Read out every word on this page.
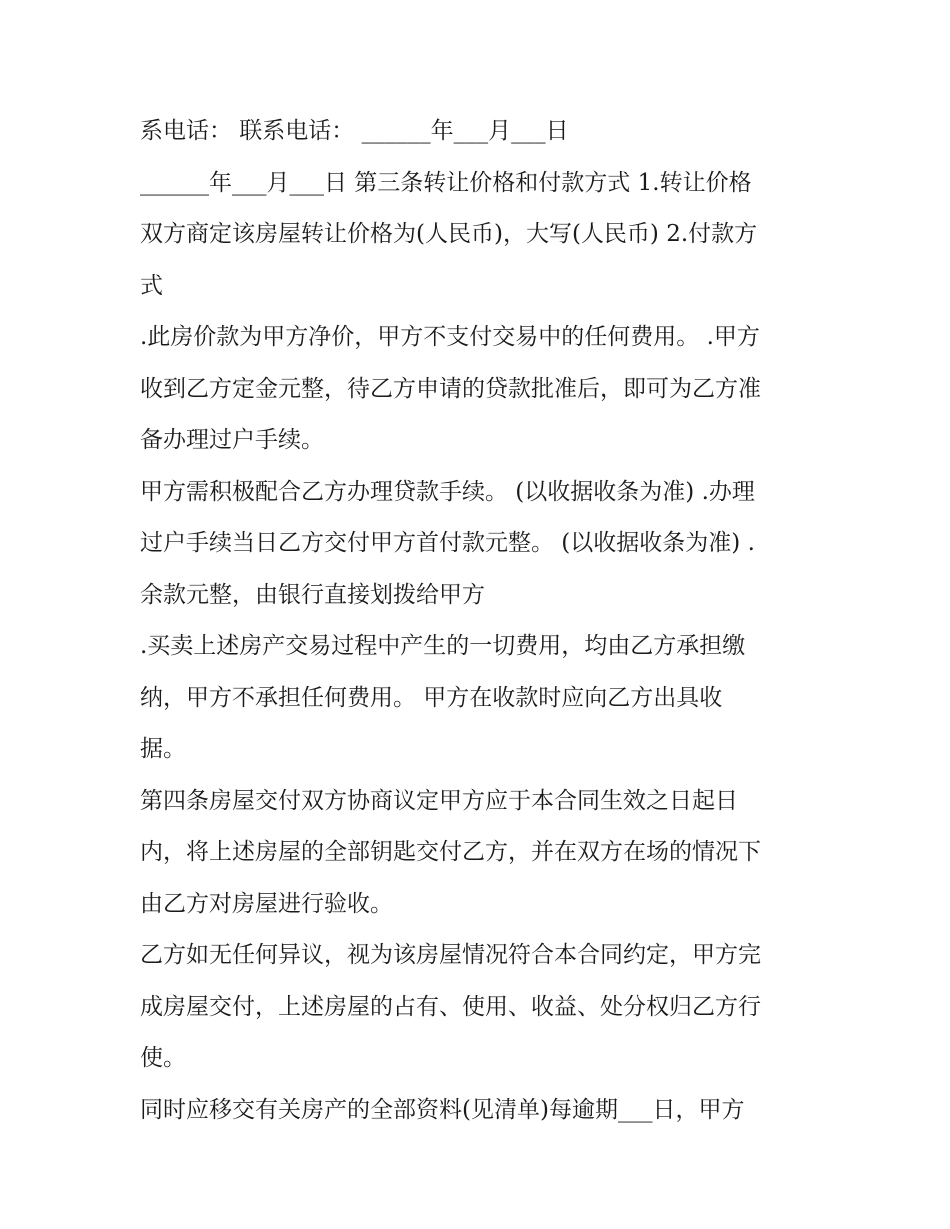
系电话： 联系电话： ______年___月___日
______年___月___日 第三条转让价格和付款方式 1.转让价格
双方商定该房屋转让价格为(人民币)，大写(人民币) 2.付款方
式
.此房价款为甲方净价，甲方不支付交易中的任何费用。 .甲方
收到乙方定金元整，待乙方申请的贷款批准后，即可为乙方准
备办理过户手续。
甲方需积极配合乙方办理贷款手续。 (以收据收条为准) .办理
过户手续当日乙方交付甲方首付款元整。 (以收据收条为准) .
余款元整，由银行直接划拨给甲方
.买卖上述房产交易过程中产生的一切费用，均由乙方承担缴
纳，甲方不承担任何费用。 甲方在收款时应向乙方出具收
据。
第四条房屋交付双方协商议定甲方应于本合同生效之日起日
内，将上述房屋的全部钥匙交付乙方，并在双方在场的情况下
由乙方对房屋进行验收。
乙方如无任何异议，视为该房屋情况符合本合同约定，甲方完
成房屋交付，上述房屋的占有、使用、收益、处分权归乙方行
使。
同时应移交有关房产的全部资料(见清单)每逾期___日，甲方
